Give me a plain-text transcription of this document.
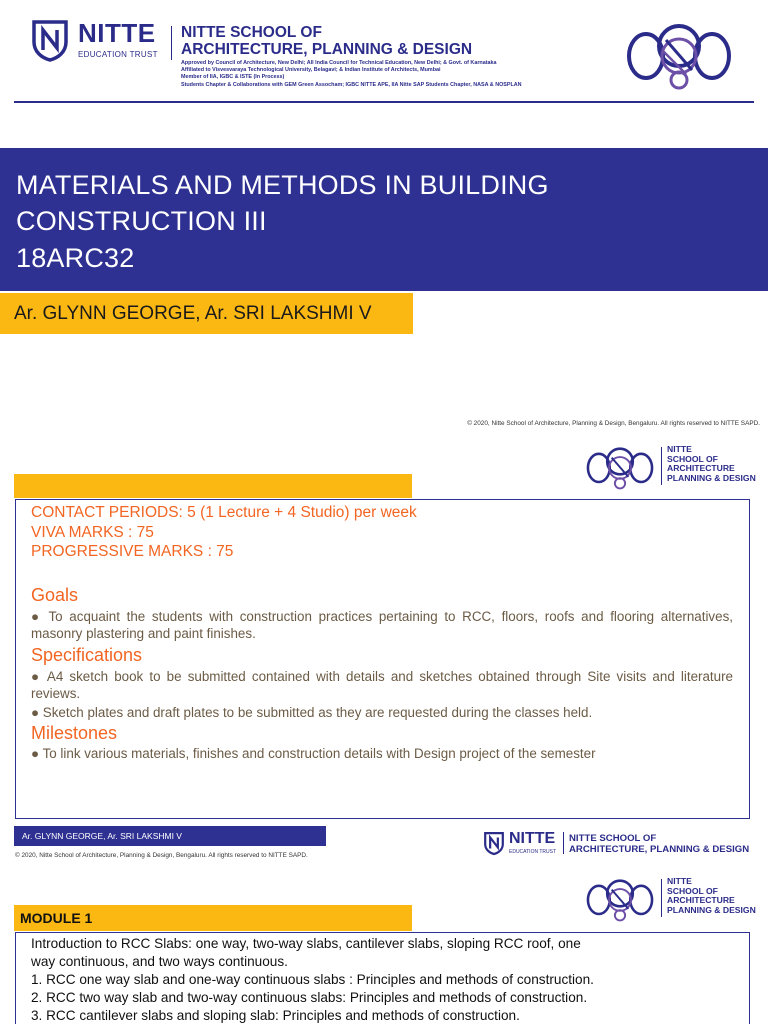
NITTE
EDUCATION TRUST
NITTE SCHOOL OF
ARCHITECTURE, PLANNING & DESIGN
Approved by Council of Architecture, New Delhi; All India Council for Technical Education, New Delhi; & Govt. of Karnataka
Affiliated to Visvesvaraya Technological University, Belagavi; & Indian Institute of Architects, Mumbai
Member of IIA, IGBC & ISTE (In Process)
Students Chapter & Collaborations with GEM Green Assocham; IGBC NITTE APE, IIA Nitte SAP Students Chapter, NASA & NOSPLAN
MATERIALS AND METHODS IN BUILDING
CONSTRUCTION III
18ARC32
Ar. GLYNN GEORGE, Ar. SRI LAKSHMI V
© 2020, Nitte School of Architecture, Planning & Design, Bengaluru. All rights reserved to NITTE SAPD.
NITTE
SCHOOL OF
ARCHITECTURE
PLANNING & DESIGN
CONTACT PERIODS: 5 (1 Lecture + 4 Studio) per week
VIVA MARKS : 75
PROGRESSIVE MARKS : 75
Goals
● To acquaint the students with construction practices pertaining to RCC, floors, roofs and flooring alternatives, masonry plastering and paint finishes.
Specifications
● A4 sketch book to be submitted contained with details and sketches obtained through Site visits and literature reviews.
● Sketch plates and draft plates to be submitted as they are requested during the classes held.
Milestones
● To link various materials, finishes and construction details with Design project of the semester
Ar. GLYNN GEORGE, Ar. SRI LAKSHMI V
© 2020, Nitte School of Architecture, Planning & Design, Bengaluru. All rights reserved to NITTE SAPD.
NITTE
EDUCATION TRUST
NITTE SCHOOL OF
ARCHITECTURE, PLANNING & DESIGN
NITTE
SCHOOL OF
ARCHITECTURE
PLANNING & DESIGN
MODULE 1
Introduction to RCC Slabs: one way, two-way slabs, cantilever slabs, sloping RCC roof, one
way continuous, and two ways continuous.
1. RCC one way slab and one-way continuous slabs : Principles and methods of construction.
2. RCC two way slab and two-way continuous slabs: Principles and methods of construction.
3. RCC cantilever slabs and sloping slab: Principles and methods of construction.
